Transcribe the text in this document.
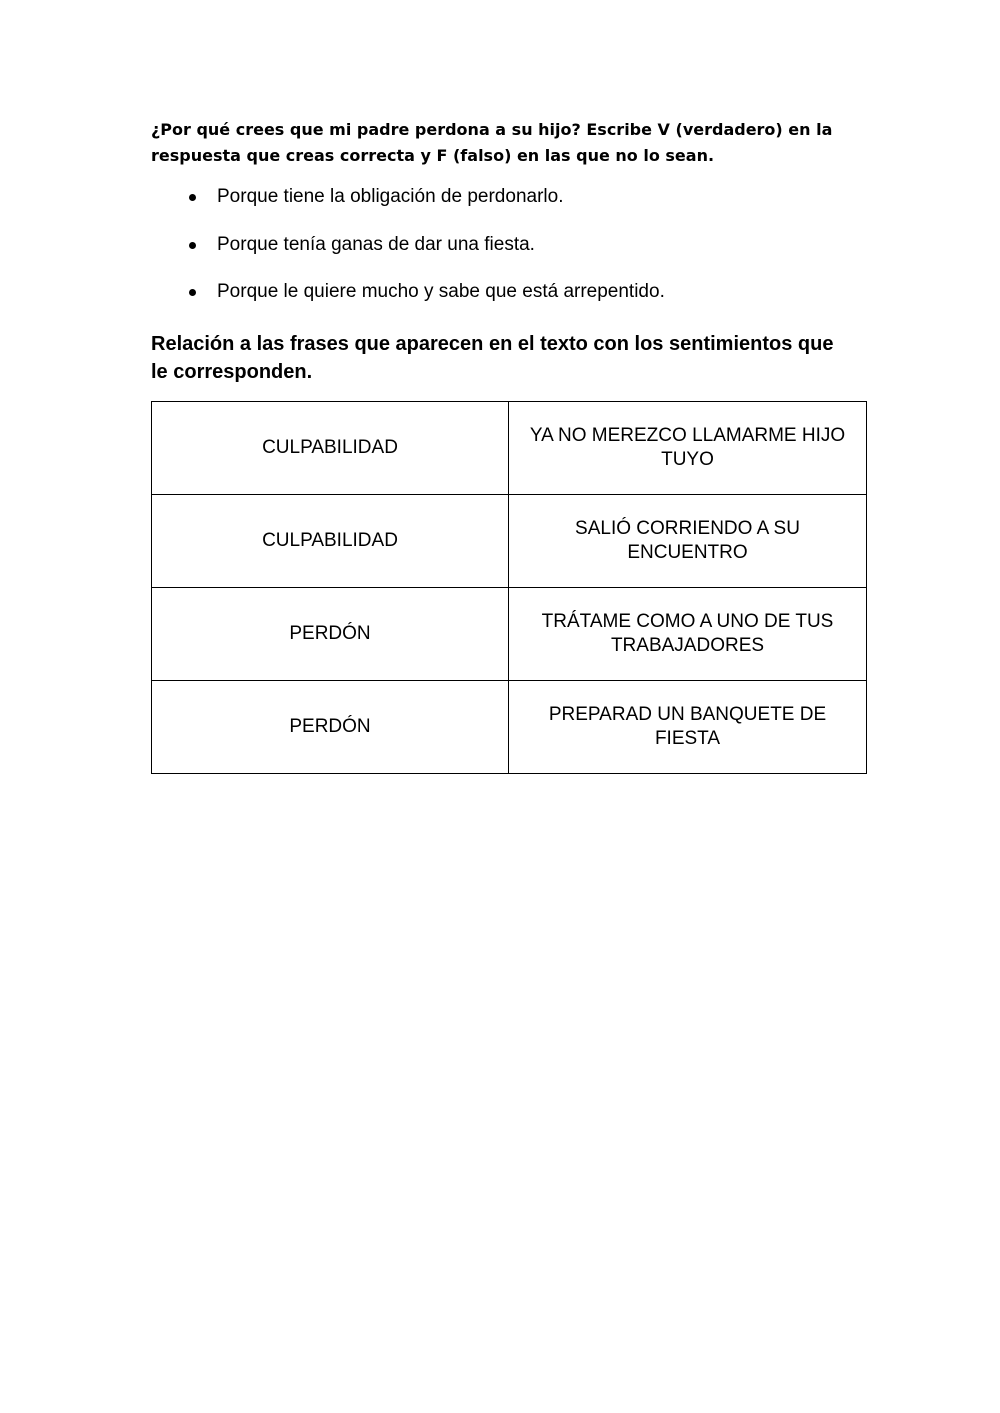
¿Por qué crees que mi padre perdona a su hijo? Escribe V (verdadero) en la respuesta que creas correcta y F (falso) en las que no lo sean.
Porque tiene la obligación de perdonarlo.
Porque tenía ganas de dar una fiesta.
Porque le quiere mucho y sabe que está arrepentido.
Relación a las frases que aparecen en el texto con los sentimientos que le corresponden.
CULPABILIDAD	YA NO MEREZCO LLAMARME HIJO TUYO
CULPABILIDAD	SALIÓ CORRIENDO A SU ENCUENTRO
PERDÓN	TRÁTAME COMO A UNO DE TUS TRABAJADORES
PERDÓN	PREPARAD UN BANQUETE DE FIESTA
